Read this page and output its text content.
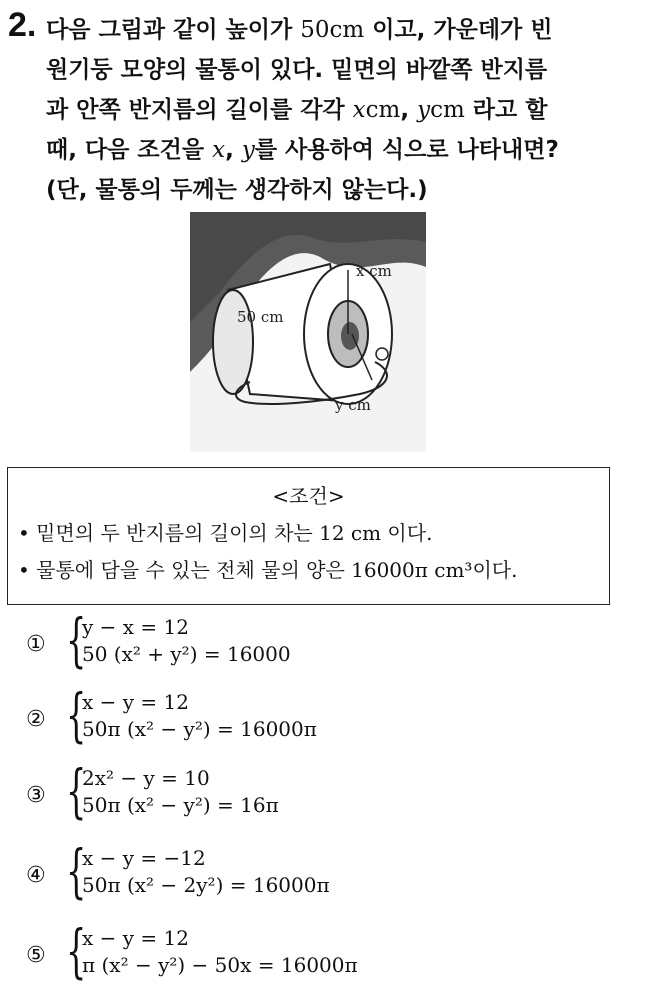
2. 다음 그림과 같이 높이가 50cm 이고, 가운데가 빈
원기둥 모양의 물통이 있다. 밑면의 바깥쪽 반지름
과 안쪽 반지름의 길이를 각각 xcm, ycm 라고 할
때, 다음 조건을 x, y를 사용하여 식으로 나타내면?
(단, 물통의 두께는 생각하지 않는다.)
x cm
50 cm
y cm
<조건>
• 밑면의 두 반지름의 길이의 차는 12 cm 이다.
• 물통에 담을 수 있는 전체 물의 양은 16000π cm³이다.
① {
y − x = 12
50 (x² + y²) = 16000
② {
x − y = 12
50π (x² − y²) = 16000π
③ {
2x² − y = 10
50π (x² − y²) = 16π
④ {
x − y = −12
50π (x² − 2y²) = 16000π
⑤ {
x − y = 12
π (x² − y²) − 50x = 16000π
